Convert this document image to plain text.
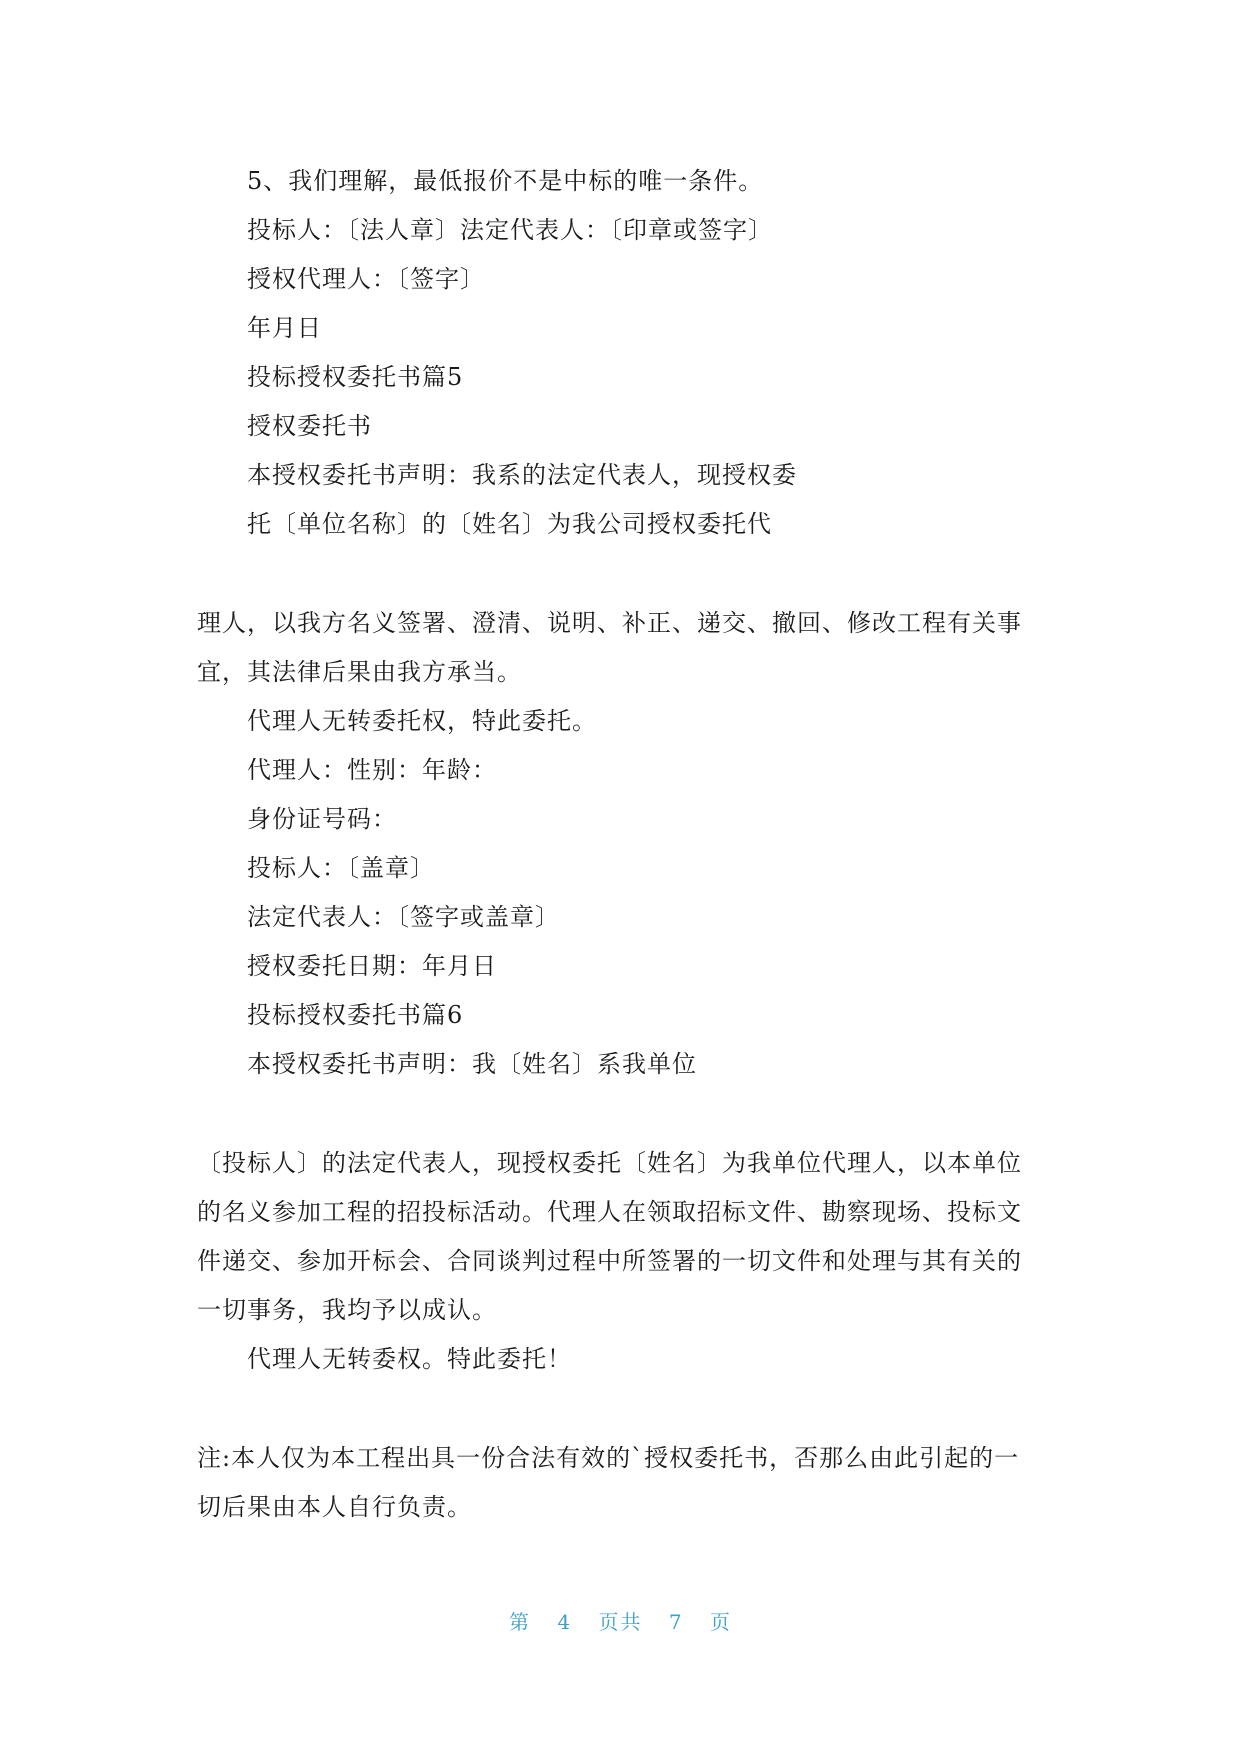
5、我们理解，最低报价不是中标的唯一条件。
投标人：〔法人章〕法定代表人：〔印章或签字〕
授权代理人：〔签字〕
年月日
投标授权委托书篇5
授权委托书
本授权委托书声明：我系的法定代表人，现授权委
托〔单位名称〕的〔姓名〕为我公司授权委托代
理人，以我方名义签署、澄清、说明、补正、递交、撤回、修改工程有关事
宜，其法律后果由我方承当。
代理人无转委托权，特此委托。
代理人：性别：年龄：
身份证号码：
投标人：〔盖章〕
法定代表人：〔签字或盖章〕
授权委托日期：年月日
投标授权委托书篇6
本授权委托书声明：我〔姓名〕系我单位
〔投标人〕的法定代表人，现授权委托〔姓名〕为我单位代理人，以本单位
的名义参加工程的招投标活动。代理人在领取招标文件、勘察现场、投标文
件递交、参加开标会、合同谈判过程中所签署的一切文件和处理与其有关的
一切事务，我均予以成认。
代理人无转委权。特此委托！
注:本人仅为本工程出具一份合法有效的`授权委托书，否那么由此引起的一
切后果由本人自行负责。
第 4 页共 7 页
